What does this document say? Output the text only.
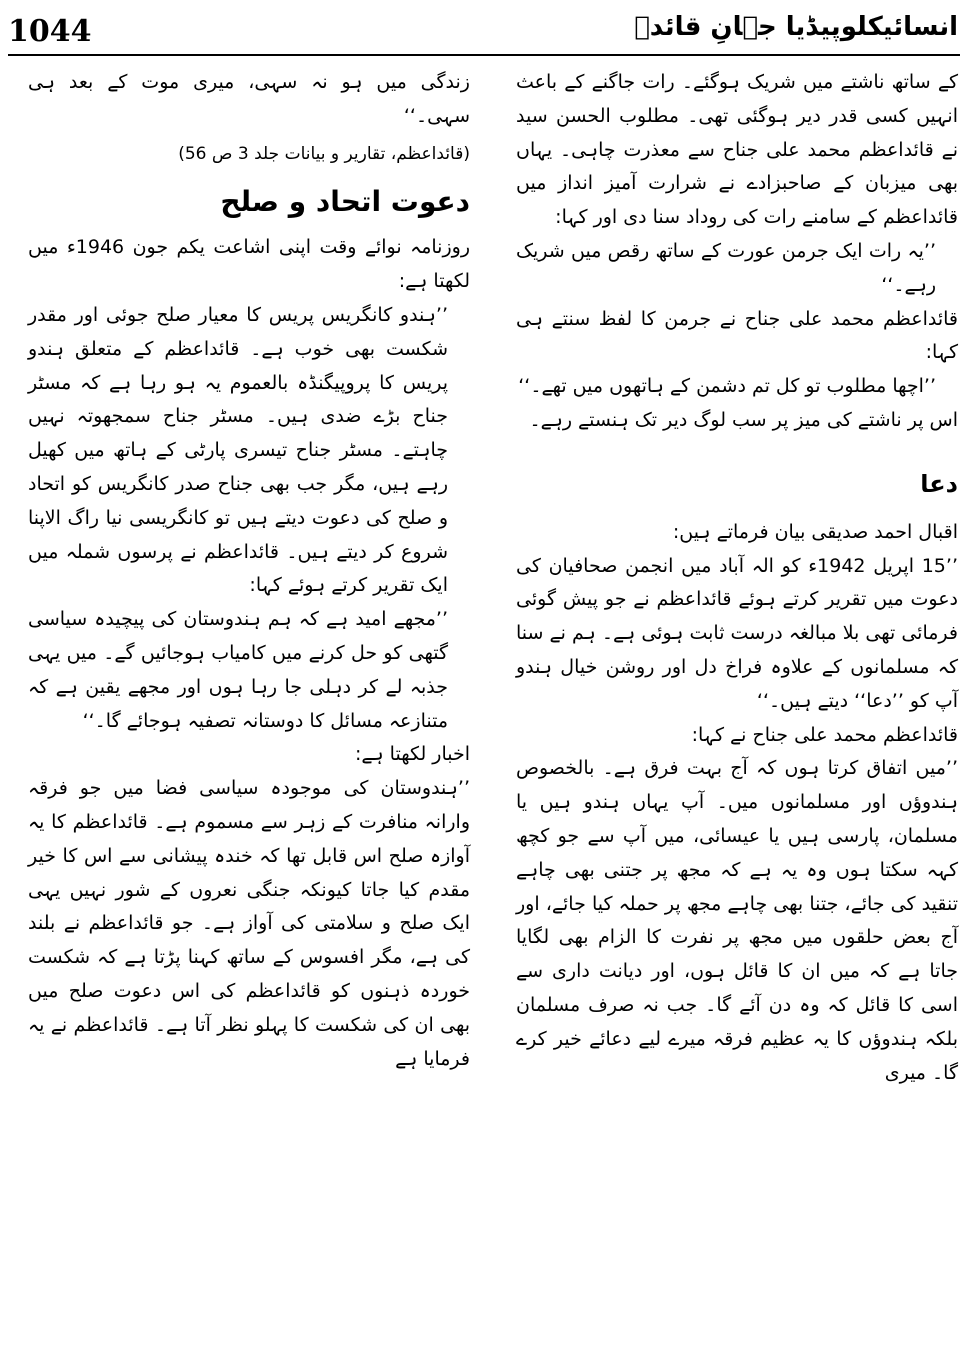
1044	انسائیکلوپیڈیا جہانِ قائدؒ

کے ساتھ ناشتے میں شریک ہوگئے۔ رات جاگنے کے باعث انہیں کسی قدر دیر ہوگئی تھی۔ مطلوب الحسن سید نے قائداعظم محمد علی جناح سے معذرت چاہی۔ یہاں بھی میزبان کے صاحبزادے نے شرارت آمیز انداز میں قائداعظم کے سامنے رات کی روداد سنا دی اور کہا:

’’یہ رات ایک جرمن عورت کے ساتھ رقص میں شریک رہے۔‘‘

قائداعظم محمد علی جناح نے جرمن کا لفظ سنتے ہی کہا:

’’اچھا مطلوب تو کل تم دشمن کے ہاتھوں میں تھے۔‘‘

اس پر ناشتے کی میز پر سب لوگ دیر تک ہنستے رہے۔

دعا

اقبال احمد صدیقی بیان فرماتے ہیں:

’’15 اپریل 1942ء کو الہ آباد میں انجمن صحافیان کی دعوت میں تقریر کرتے ہوئے قائداعظم نے جو پیش گوئی فرمائی تھی بلا مبالغہ درست ثابت ہوئی ہے۔ ہم نے سنا کہ مسلمانوں کے علاوہ فراخ دل اور روشن خیال ہندو آپ کو ’’دعا‘‘ دیتے ہیں۔‘‘

قائداعظم محمد علی جناح نے کہا:

’’میں اتفاق کرتا ہوں کہ آج بہت فرق ہے۔ بالخصوص ہندوؤں اور مسلمانوں میں۔ آپ یہاں ہندو ہیں یا مسلمان، پارسی ہیں یا عیسائی، میں آپ سے جو کچھ کہہ سکتا ہوں وہ یہ ہے کہ مجھ پر جتنی بھی چاہے تنقید کی جائے، جتنا بھی چاہے مجھ پر حملہ کیا جائے، اور آج بعض حلقوں میں مجھ پر نفرت کا الزام بھی لگایا جاتا ہے کہ میں ان کا قائل ہوں، اور دیانت داری سے اسی کا قائل کہ وہ دن آئے گا۔ جب نہ صرف مسلمان بلکہ ہندوؤں کا یہ عظیم فرقہ میرے لیے دعائے خیر کرے گا۔ میری

زندگی میں ہو نہ سہی، میری موت کے بعد ہی سہی۔‘‘

(قائداعظم، تقاریر و بیانات جلد 3 ص 56)

دعوت اتحاد و صلح

روزنامہ نوائے وقت اپنی اشاعت یکم جون 1946ء میں لکھتا ہے:

’’ہندو کانگریس پریس کا معیار صلح جوئی اور مقدر شکست بھی خوب ہے۔ قائداعظم کے متعلق ہندو پریس کا پروپیگنڈہ بالعموم یہ ہو رہا ہے کہ مسٹر جناح بڑے ضدی ہیں۔ مسٹر جناح سمجھوتہ نہیں چاہتے۔ مسٹر جناح تیسری پارٹی کے ہاتھ میں کھیل رہے ہیں، مگر جب بھی جناح صدر کانگریس کو اتحاد و صلح کی دعوت دیتے ہیں تو کانگریسی نیا راگ الاپنا شروع کر دیتے ہیں۔ قائداعظم نے پرسوں شملہ میں ایک تقریر کرتے ہوئے کہا:

’’مجھے امید ہے کہ ہم ہندوستان کی پیچیدہ سیاسی گتھی کو حل کرنے میں کامیاب ہوجائیں گے۔ میں یہی جذبہ لے کر دہلی جا رہا ہوں اور مجھے یقین ہے کہ متنازعہ مسائل کا دوستانہ تصفیہ ہوجائے گا۔‘‘

اخبار لکھتا ہے:

’’ہندوستان کی موجودہ سیاسی فضا میں جو فرقہ وارانہ منافرت کے زہر سے مسموم ہے۔ قائداعظم کا یہ آوازہ صلح اس قابل تھا کہ خندہ پیشانی سے اس کا خیر مقدم کیا جاتا کیونکہ جنگی نعروں کے شور نہیں یہی ایک صلح و سلامتی کی آواز ہے۔ جو قائداعظم نے بلند کی ہے، مگر افسوس کے ساتھ کہنا پڑتا ہے کہ شکست خوردہ ذہنوں کو قائداعظم کی اس دعوت صلح میں بھی ان کی شکست کا پہلو نظر آتا ہے۔ قائداعظم نے یہ فرمایا ہے
